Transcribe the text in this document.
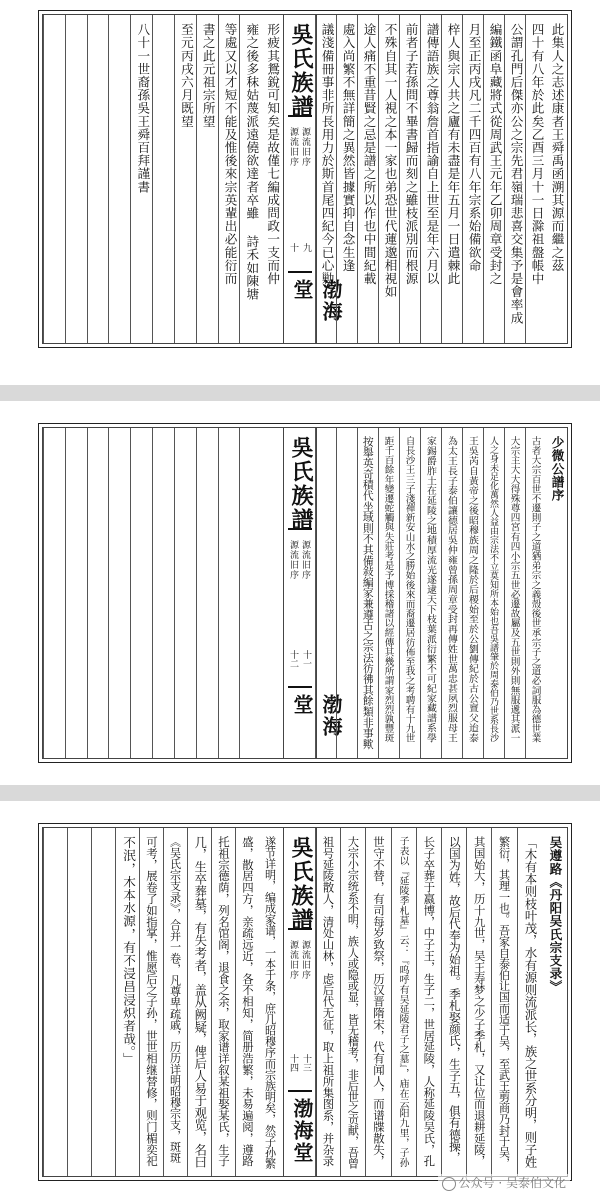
形疲其鴛銳可知矣是故僅七編成問政一支而仲
雍之後多秣姑蔑派遠僥欲達者卒雖 詩禾如陳塘
等處又以才短不能及惟後來宗英輩出必能衍而
書之此元祖宗所望
至元丙戌六月既望
八十一世裔孫吳王舜百拜謹書	吳氏族譜
源流旧序 源流旧序
十 九
渤海堂
此集人之志述康者王舜禹函溯其源而繼之茲
四十有八年於此矣乙酉三月十一日滁祖盤帳中
公謂孔門后傑亦公之宗先君嶺瑞悲喜交集予是會率成
編鐵函阜藏將式從周武王元年乙卯周章受封之
月至正丙戌凡二千四百有八年宗系始備欲命
梓人與宗人共之廬有未盡是年五月一日遣棘此
譜傳語族之尊翁詹首指諭自上世至是年六月以
前者子若孫問不畢書歸而刻之雖枝派別而根源
不殊自其一人視之本一家也弟恐世代蓮邈相視如
途人痛不重昔賢之忌是譜之所以作也中間紀載
處入尚繁不無詳簡之異然皆據實抑自念生逢
議淺備冊事非所長用力於斯首尾四紀今已心勦
吳氏族譜
源流旧序 源流旧序
十二 十一
渤海堂
少微公譜序
古者大宗百世不遷則子之道猶弟宗之義殼後世承宗子之道必詞服為德世業
大宗主大大得殊尊四宮有四小宗五世必遷故屬及五世則外則無服遞其派一
人之身未足化萬然人益由宗法不立莫知所本始也吾吳譜肇於周泰伯乃世系長沙
王吳芮自黃帝之後昭穆族周之隆於后稷始至於公劉傳紀於古公亶父迨泰
為太王長子泰伯讓德居吳仲雍曾孫周章受封再傳姓世萬忠甚夙烈服母王
家錫爵胙土在延陵之地積厚流光遂逮天下枝葉派衍繁不可紀家藏譜系學
自長沙王三子淺禪新安山水之勝始後來而裔遷居彷佈至我之考聘有十九世
距千百餘年變遷蛇觸與失莊考是予博採稽諸以經傳其幾所謂家烈烈孰豐斑
按舉英奇積代坐域則不其備敍編家兼遵古之宗法彷彿其餘類非事歟
遂节详明，编成家谱，一本千条，庶几昭穆序而宗族明矣，然子孙繁
盛，散居四方，亲疏远近，各不相知，简册浩繁，未易遍阅，遵路
托祖宗德荫，列名馆阁，退食之余，取家谱详叙某祖娶某氏，生子
几，生卒葬墓，有失考者，盖从阙疑，俾后人易于观览，名曰
《吴氏宗支录》，合并一卷，凡尊卑疏戚，历历详明昭穆宗支，斑斑
可考，展卷了如指掌，惟愿后之子孙，世世相继替修，则门楣奕祀
不泯，木本水源，有不浸昌浸炽者哉。」	吳氏族譜
源流旧序 源流旧序
十四 十三
渤海堂
吴遵路《丹阳吴氏宗支录》
「木有本则枝叶茂，水有源则流派长，族之世系分明，则子姓
繁衍，其理一也。吾家自泰伯让国而适于吴，至武王剪商乃封于吴，
其国始大，历十九世，吴王寿梦之少子季札，又让位而退耕延陵，
以国为姓，故后代奉为始祖。季札娶颜氏，生子五，俱有德操，
长子卒葬于嬴博，中子王，生子二，世居延陵，人称延陵吴氏，孔
子表以『延陵季札墓』云：『呜呼有吴延陵君子之墓』，庙在云阳九里，子孙
世守不替，有司每岁致祭，历汉晋隋宋，代有闻人，而谱牒散失，
大宗小宗统系不明，族人或隐或显，皆无稽考，非后世之贡献，吾曾
祖号延陵散人，清处山林，虑后代无征，取上祖所集图系，并杂录
公众号 · 吴泰伯文化
